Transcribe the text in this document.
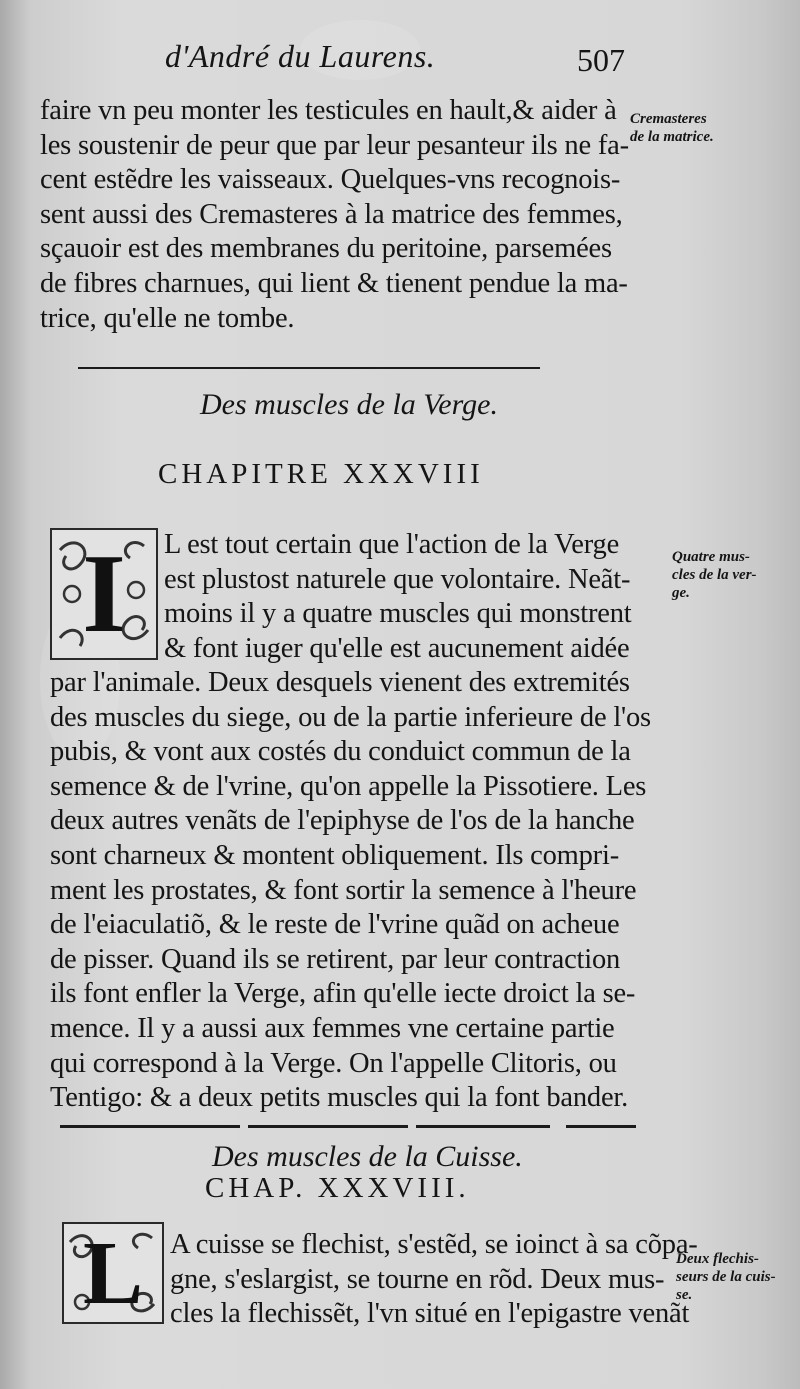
d'André du Laurens.	507
faire vn peu monter les testicules en hault,& aider à
les soustenir de peur que par leur pesanteur ils ne fa-
cent estẽdre les vaisseaux. Quelques-vns recognois-
sent aussi des Cremasteres à la matrice des femmes,
sçauoir est des membranes du peritoine, parsemées
de fibres charnues, qui lient & tienent pendue la ma-
trice, qu'elle ne tombe.
Cremasteres
de la matrice.
Des muscles de la Verge.
CHAPITRE XXXVIII
I	L est tout certain que l'action de la Verge
est plustost naturele que volontaire. Neãt-
moins il y a quatre muscles qui monstrent
& font iuger qu'elle est aucunement aidée
par l'animale. Deux desquels vienent des extremités
des muscles du siege, ou de la partie inferieure de l'os
pubis, & vont aux costés du conduict commun de la
semence & de l'vrine, qu'on appelle la Pissotiere. Les
deux autres venãts de l'epiphyse de l'os de la hanche
sont charneux & montent obliquement. Ils compri-
ment les prostates, & font sortir la semence à l'heure
de l'eiaculatiõ, & le reste de l'vrine quãd on acheue
de pisser. Quand ils se retirent, par leur contraction
ils font enfler la Verge, afin qu'elle iecte droict la se-
mence. Il y a aussi aux femmes vne certaine partie
qui correspond à la Verge. On l'appelle Clitoris, ou
Tentigo: & a deux petits muscles qui la font bander.
Quatre mus-
cles de la ver-
ge.
Des muscles de la Cuisse.
CHAP. XXXVIII.
L A cuisse se flechist, s'estẽd, se ioinct à sa cõpa-
gne, s'eslargist, se tourne en rõd. Deux mus-
cles la flechissẽt, l'vn situé en l'epigastre venãt
Deux flechis-
seurs de la cuis-
se.
